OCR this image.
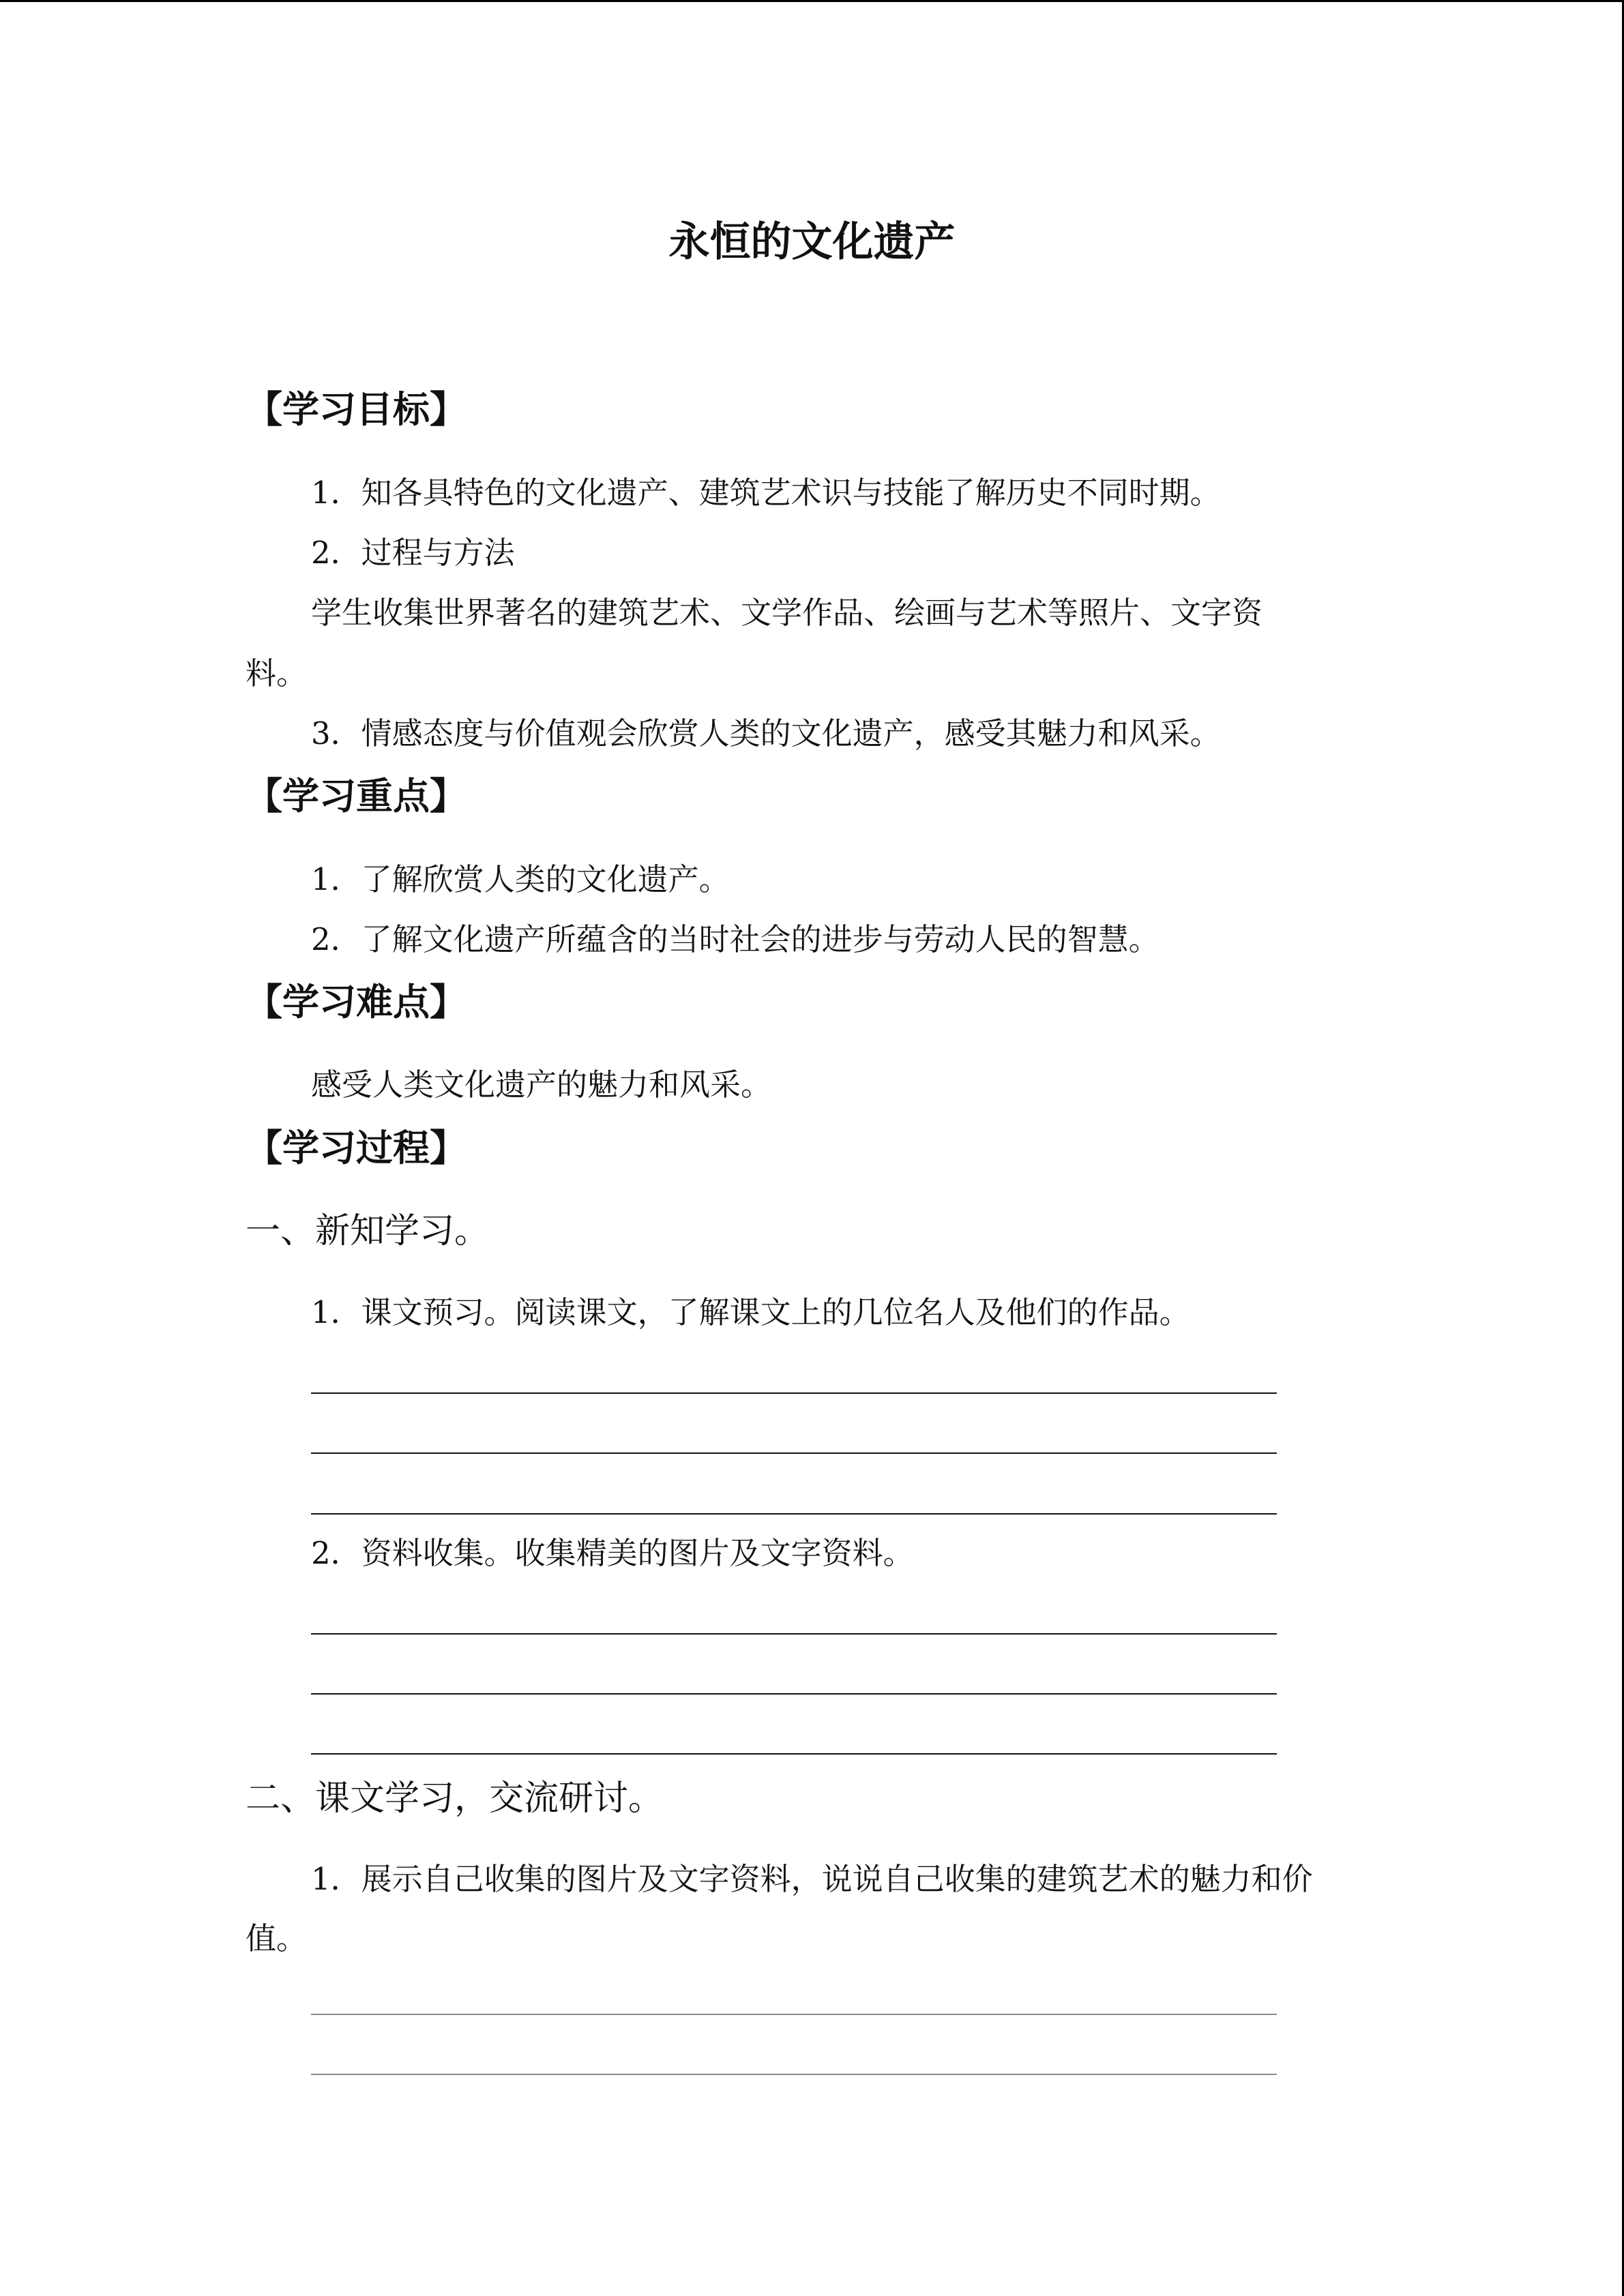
永恒的文化遗产
【学习目标】
1．知各具特色的文化遗产、建筑艺术识与技能了解历史不同时期。
2．过程与方法
学生收集世界著名的建筑艺术、文学作品、绘画与艺术等照片、文字资
料。
3．情感态度与价值观会欣赏人类的文化遗产，感受其魅力和风采。
【学习重点】
1．了解欣赏人类的文化遗产。
2．了解文化遗产所蕴含的当时社会的进步与劳动人民的智慧。
【学习难点】
感受人类文化遗产的魅力和风采。
【学习过程】
一、新知学习。
1．课文预习。阅读课文，了解课文上的几位名人及他们的作品。
2．资料收集。收集精美的图片及文字资料。
二、课文学习，交流研讨。
1．展示自己收集的图片及文字资料，说说自己收集的建筑艺术的魅力和价
值。
